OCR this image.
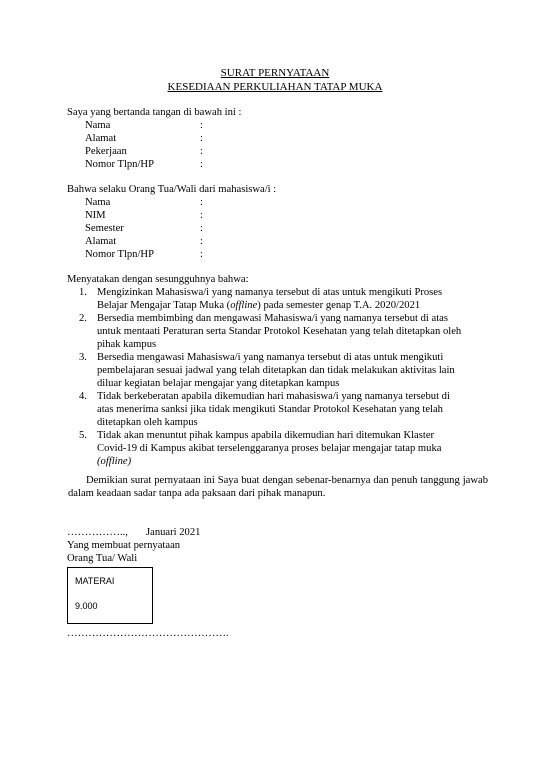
SURAT PERNYATAAN
KESEDIAAN PERKULIAHAN TATAP MUKA
Saya yang bertanda tangan di bawah ini :
Nama	:
Alamat	:
Pekerjaan	:
Nomor Tlpn/HP	:
Bahwa selaku Orang Tua/Wali dari mahasiswa/i :
Nama	:
NIM	:
Semester	:
Alamat	:
Nomor Tlpn/HP	:
Menyatakan dengan sesungguhnya bahwa:
1. Mengizinkan Mahasiswa/i yang namanya tersebut di atas untuk mengikuti Proses
Belajar Mengajar Tatap Muka (offline) pada semester genap T.A. 2020/2021
2. Bersedia membimbing dan mengawasi Mahasiswa/i yang namanya tersebut di atas
untuk mentaati Peraturan serta Standar Protokol Kesehatan yang telah ditetapkan oleh
pihak kampus
3. Bersedia mengawasi Mahasiswa/i yang namanya tersebut di atas untuk mengikuti
pembelajaran sesuai jadwal yang telah ditetapkan dan tidak melakukan aktivitas lain
diluar kegiatan belajar mengajar yang ditetapkan kampus
4. Tidak berkeberatan apabila dikemudian hari mahasiswa/i yang namanya tersebut di
atas menerima sanksi jika tidak mengikuti Standar Protokol Kesehatan yang telah
ditetapkan oleh kampus
5. Tidak akan menuntut pihak kampus apabila dikemudian hari ditemukan Klaster
Covid-19 di Kampus akibat terselenggaranya proses belajar mengajar tatap muka
(offline)
Demikian surat pernyataan ini Saya buat dengan sebenar-benarnya dan penuh tanggung jawab dalam keadaan sadar tanpa ada paksaan dari pihak manapun.
…………….., Januari 2021
Yang membuat pernyataan
Orang Tua/ Wali
MATERAI
9.000
……………………………………….
